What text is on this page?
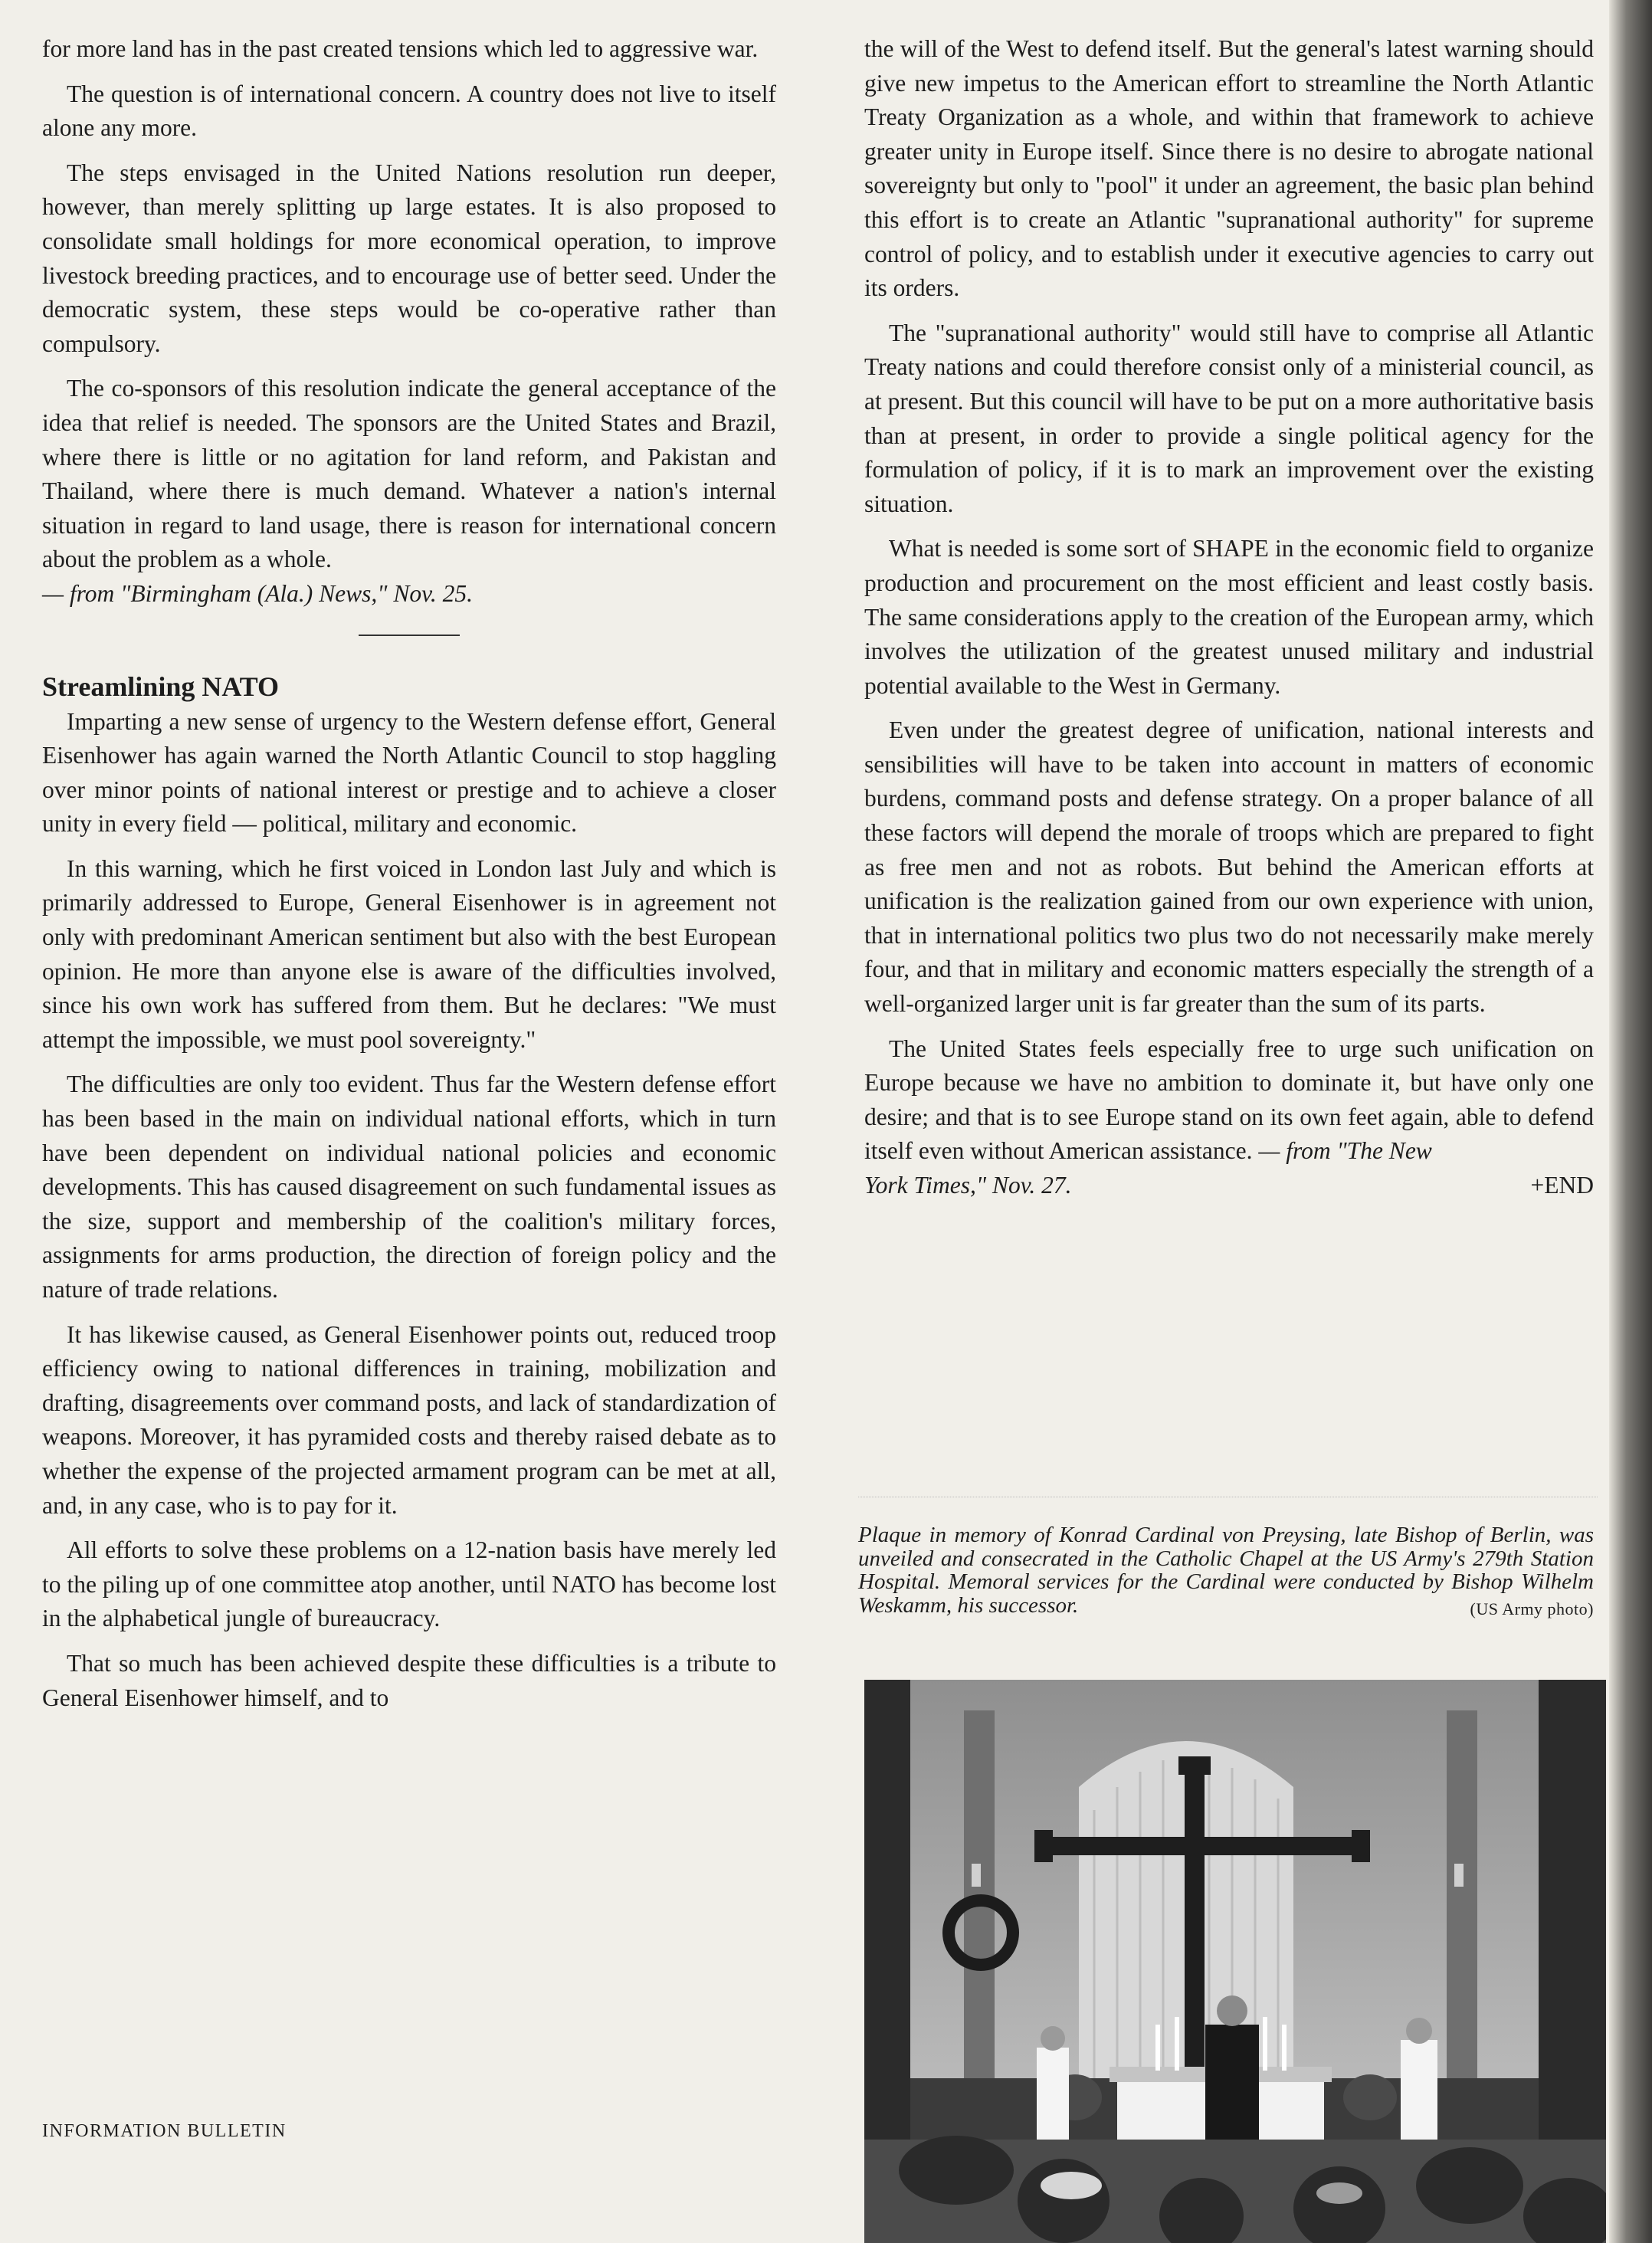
for more land has in the past created tensions which led to aggressive war.

The question is of international concern. A country does not live to itself alone any more.

The steps envisaged in the United Nations resolution run deeper, however, than merely splitting up large estates. It is also proposed to consolidate small holdings for more economical operation, to improve livestock breeding practices, and to encourage use of better seed. Under the democratic system, these steps would be co-operative rather than compulsory.

The co-sponsors of this resolution indicate the general acceptance of the idea that relief is needed. The sponsors are the United States and Brazil, where there is little or no agitation for land reform, and Pakistan and Thailand, where there is much demand. Whatever a nation's internal situation in regard to land usage, there is reason for international concern about the problem as a whole.

— from "Birmingham (Ala.) News," Nov. 25.

Streamlining NATO

Imparting a new sense of urgency to the Western defense effort, General Eisenhower has again warned the North Atlantic Council to stop haggling over minor points of national interest or prestige and to achieve a closer unity in every field — political, military and economic.

In this warning, which he first voiced in London last July and which is primarily addressed to Europe, General Eisenhower is in agreement not only with predominant American sentiment but also with the best European opinion. He more than anyone else is aware of the difficulties involved, since his own work has suffered from them. But he declares: "We must attempt the impossible, we must pool sovereignty."

The difficulties are only too evident. Thus far the Western defense effort has been based in the main on individual national efforts, which in turn have been dependent on individual national policies and economic developments. This has caused disagreement on such fundamental issues as the size, support and membership of the coalition's military forces, assignments for arms production, the direction of foreign policy and the nature of trade relations.

It has likewise caused, as General Eisenhower points out, reduced troop efficiency owing to national differences in training, mobilization and drafting, disagreements over command posts, and lack of standardization of weapons. Moreover, it has pyramided costs and thereby raised debate as to whether the expense of the projected armament program can be met at all, and, in any case, who is to pay for it.

All efforts to solve these problems on a 12-nation basis have merely led to the piling up of one committee atop another, until NATO has become lost in the alphabetical jungle of bureaucracy.

That so much has been achieved despite these difficulties is a tribute to General Eisenhower himself, and to

the will of the West to defend itself. But the general's latest warning should give new impetus to the American effort to streamline the North Atlantic Treaty Organization as a whole, and within that framework to achieve greater unity in Europe itself. Since there is no desire to abrogate national sovereignty but only to "pool" it under an agreement, the basic plan behind this effort is to create an Atlantic "supranational authority" for supreme control of policy, and to establish under it executive agencies to carry out its orders.

The "supranational authority" would still have to comprise all Atlantic Treaty nations and could therefore consist only of a ministerial council, as at present. But this council will have to be put on a more authoritative basis than at present, in order to provide a single political agency for the formulation of policy, if it is to mark an improvement over the existing situation.

What is needed is some sort of SHAPE in the economic field to organize production and procurement on the most efficient and least costly basis. The same considerations apply to the creation of the European army, which involves the utilization of the greatest unused military and industrial potential available to the West in Germany.

Even under the greatest degree of unification, national interests and sensibilities will have to be taken into account in matters of economic burdens, command posts and defense strategy. On a proper balance of all these factors will depend the morale of troops which are prepared to fight as free men and not as robots. But behind the American efforts at unification is the realization gained from our own experience with union, that in international politics two plus two do not necessarily make merely four, and that in military and economic matters especially the strength of a well-organized larger unit is far greater than the sum of its parts.

The United States feels especially free to urge such unification on Europe because we have no ambition to dominate it, but have only one desire; and that is to see Europe stand on its own feet again, able to defend itself even without American assistance. — from "The New

York Times," Nov. 27.	+END
Plaque in memory of Konrad Cardinal von Preysing, late Bishop of Berlin, was unveiled and consecrated in the Catholic Chapel at the US Army's 279th Station Hospital. Memoral services for the Cardinal were conducted by Bishop Wilhelm Weskamm, his successor.	(US Army photo)
INFORMATION BULLETIN
